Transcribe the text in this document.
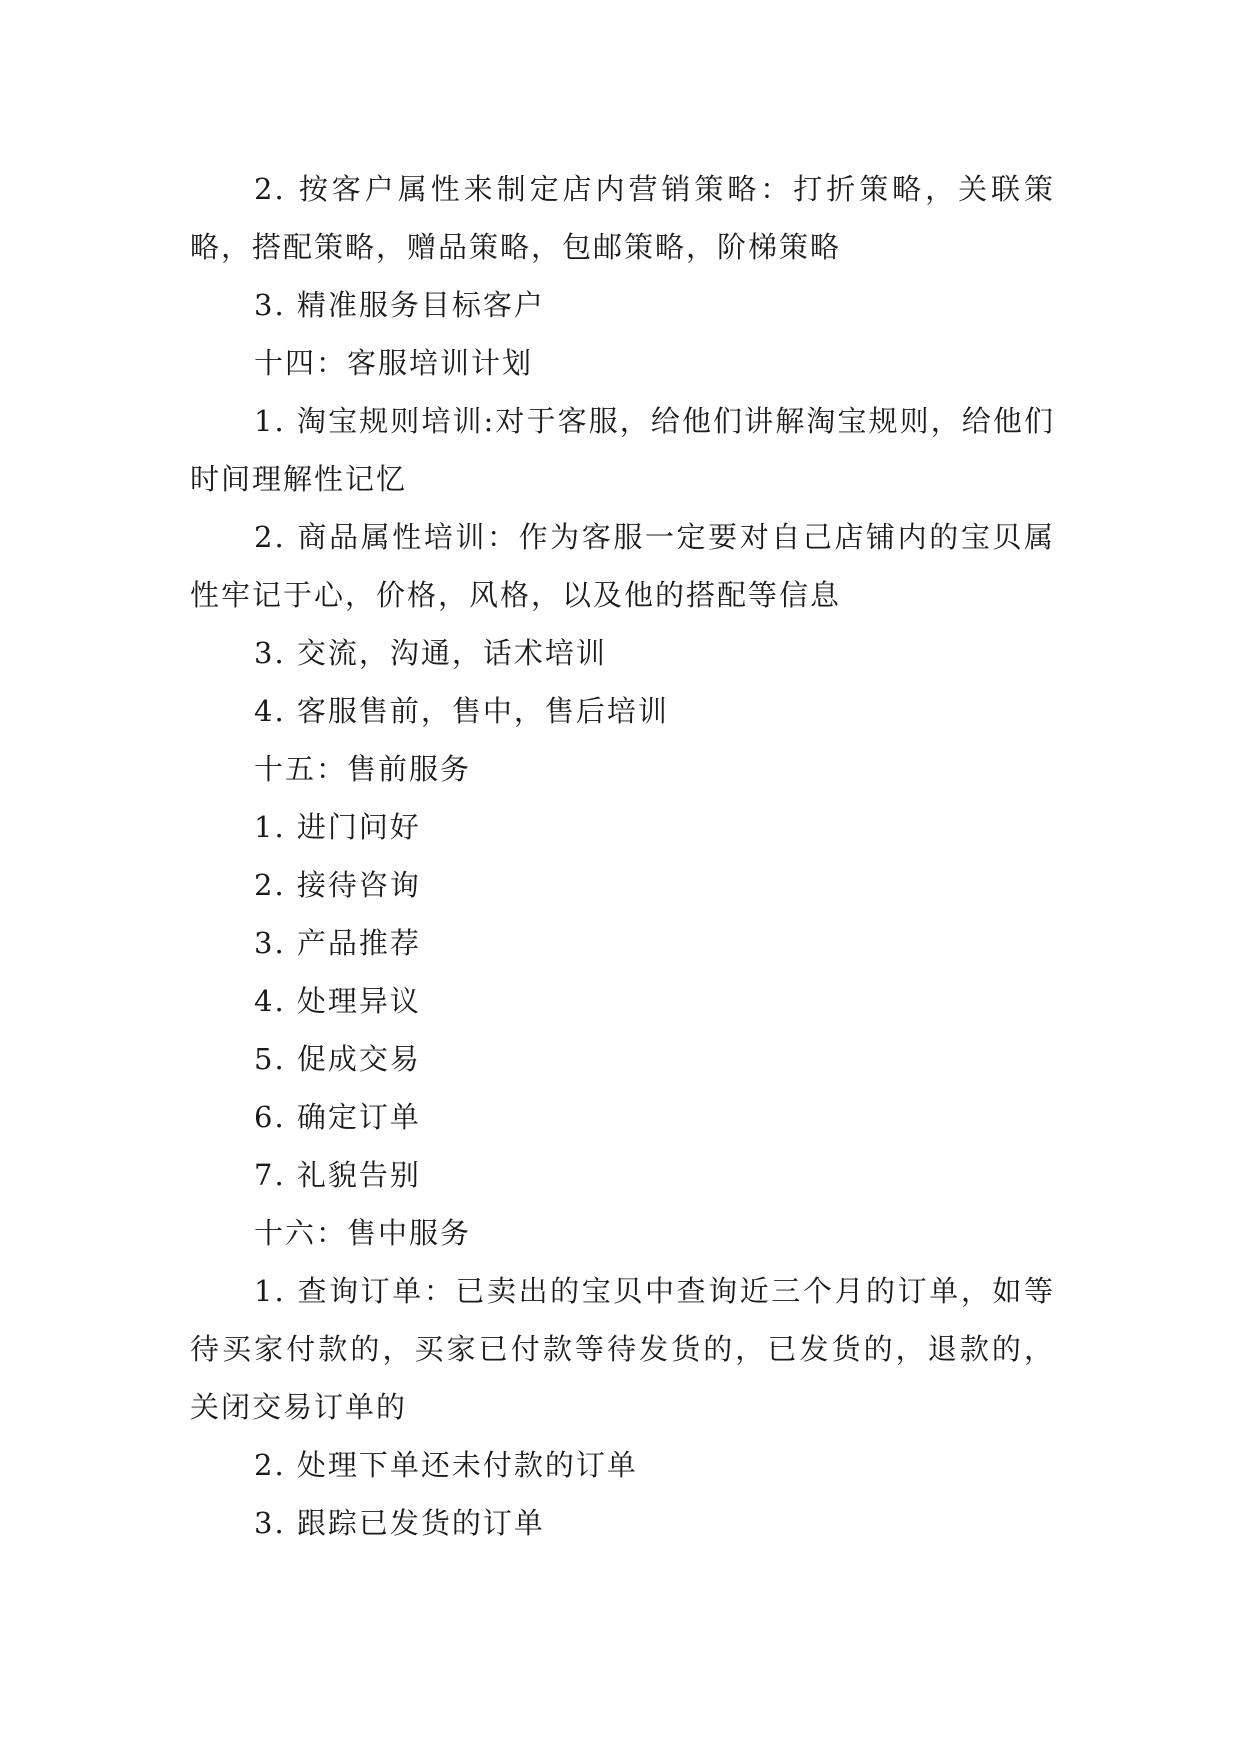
2. 按客户属性来制定店内营销策略：打折策略，关联策略，搭配策略，赠品策略，包邮策略，阶梯策略

3. 精准服务目标客户

十四：客服培训计划

1. 淘宝规则培训:对于客服，给他们讲解淘宝规则，给他们时间理解性记忆

2. 商品属性培训：作为客服一定要对自己店铺内的宝贝属性牢记于心，价格，风格，以及他的搭配等信息

3. 交流，沟通，话术培训

4. 客服售前，售中，售后培训

十五：售前服务

1. 进门问好

2. 接待咨询

3. 产品推荐

4. 处理异议

5. 促成交易

6. 确定订单

7. 礼貌告别

十六：售中服务

1. 查询订单：已卖出的宝贝中查询近三个月的订单，如等待买家付款的，买家已付款等待发货的，已发货的，退款的，关闭交易订单的

2. 处理下单还未付款的订单

3. 跟踪已发货的订单
